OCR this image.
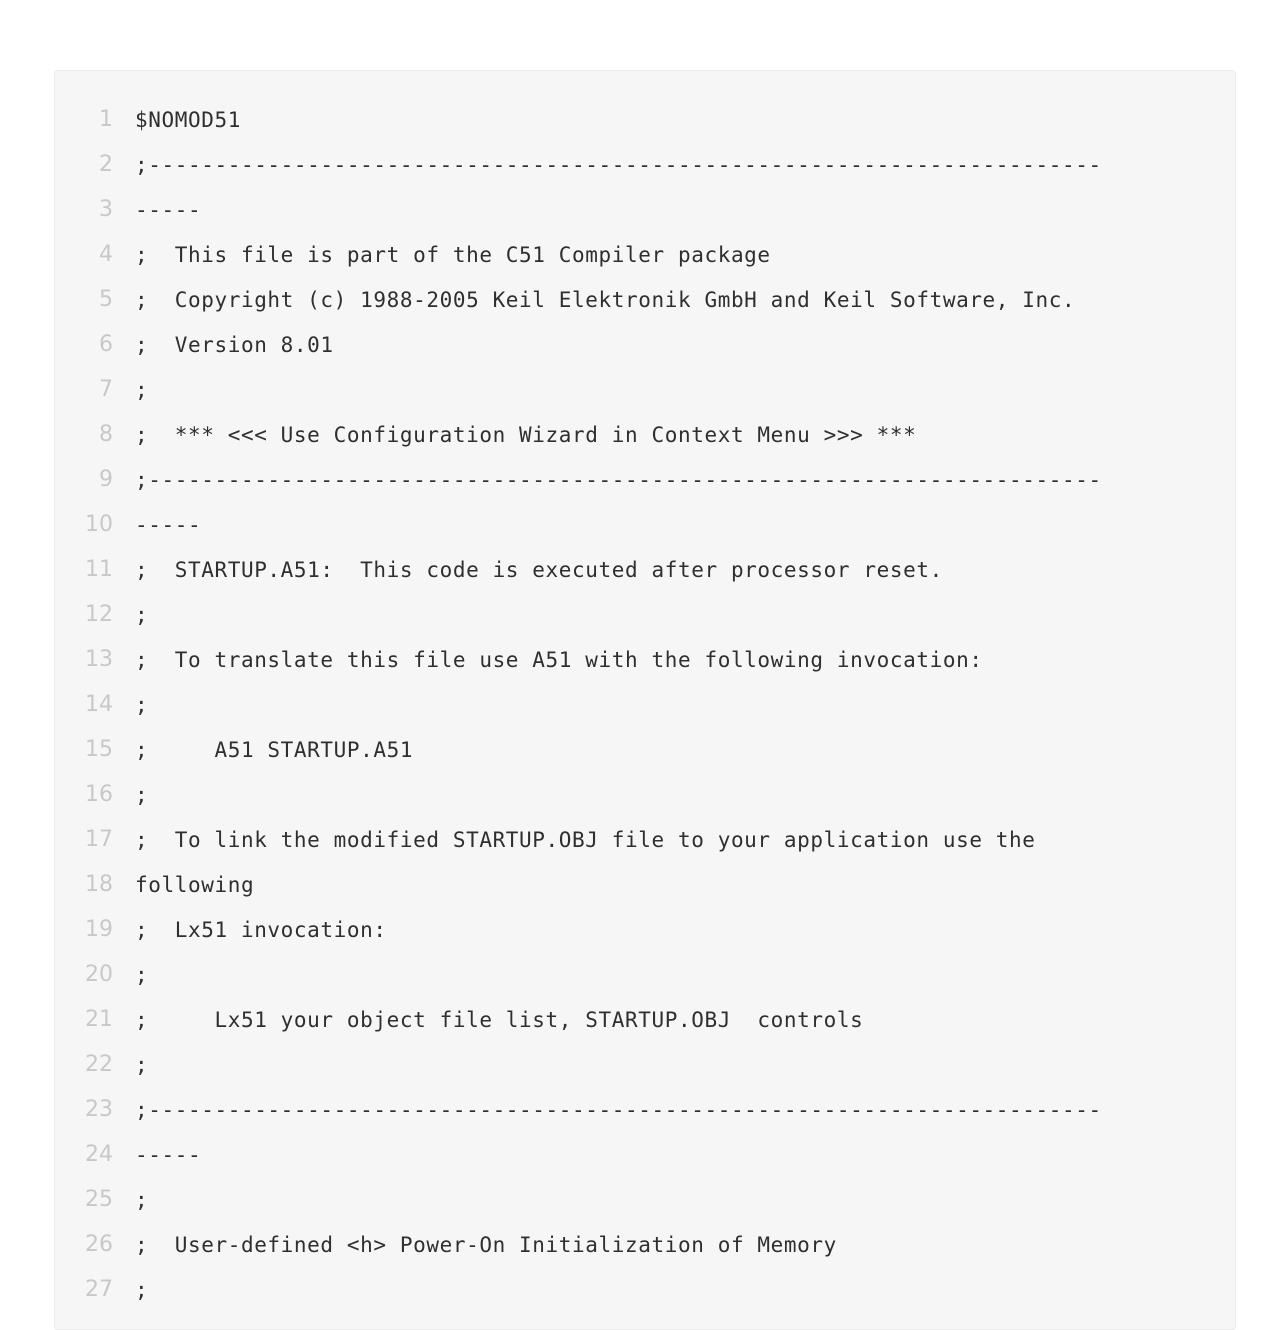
1 $NOMOD51
2 ;------------------------------------------------------------------------
3 -----
4 ;  This file is part of the C51 Compiler package
5 ;  Copyright (c) 1988-2005 Keil Elektronik GmbH and Keil Software, Inc.
6 ;  Version 8.01
7 ;
8 ;  *** <<< Use Configuration Wizard in Context Menu >>> ***
9 ;------------------------------------------------------------------------
10 -----
11 ;  STARTUP.A51:  This code is executed after processor reset.
12 ;
13 ;  To translate this file use A51 with the following invocation:
14 ;
15 ;     A51 STARTUP.A51
16 ;
17 ;  To link the modified STARTUP.OBJ file to your application use the
18 following
19 ;  Lx51 invocation:
20 ;
21 ;     Lx51 your object file list, STARTUP.OBJ  controls
22 ;
23 ;------------------------------------------------------------------------
24 -----
25 ;
26 ;  User-defined <h> Power-On Initialization of Memory
27 ;
